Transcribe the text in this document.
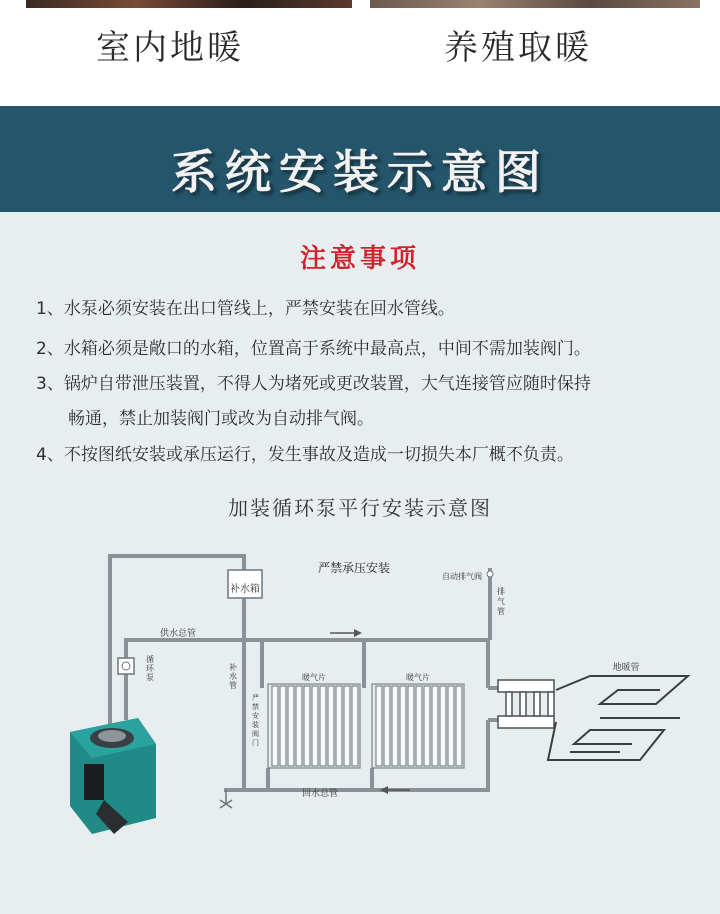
室内地暖	养殖取暖
系统安装示意图
注意事项
1、水泵必须安装在出口管线上，严禁安装在回水管线。
2、水箱必须是敞口的水箱，位置高于系统中最高点，中间不需加装阀门。
3、锅炉自带泄压装置，不得人为堵死或更改装置，大气连接管应随时保持
畅通，禁止加装阀门或改为自动排气阀。
4、不按图纸安装或承压运行，发生事故及造成一切损失本厂概不负责。
加装循环泵平行安装示意图
补水箱
严禁承压安装
自动排气阀
排气管
供水总管
循环泵
补水管
严禁安装阀门
暖气片	暖气片
地暖管
回水总管
